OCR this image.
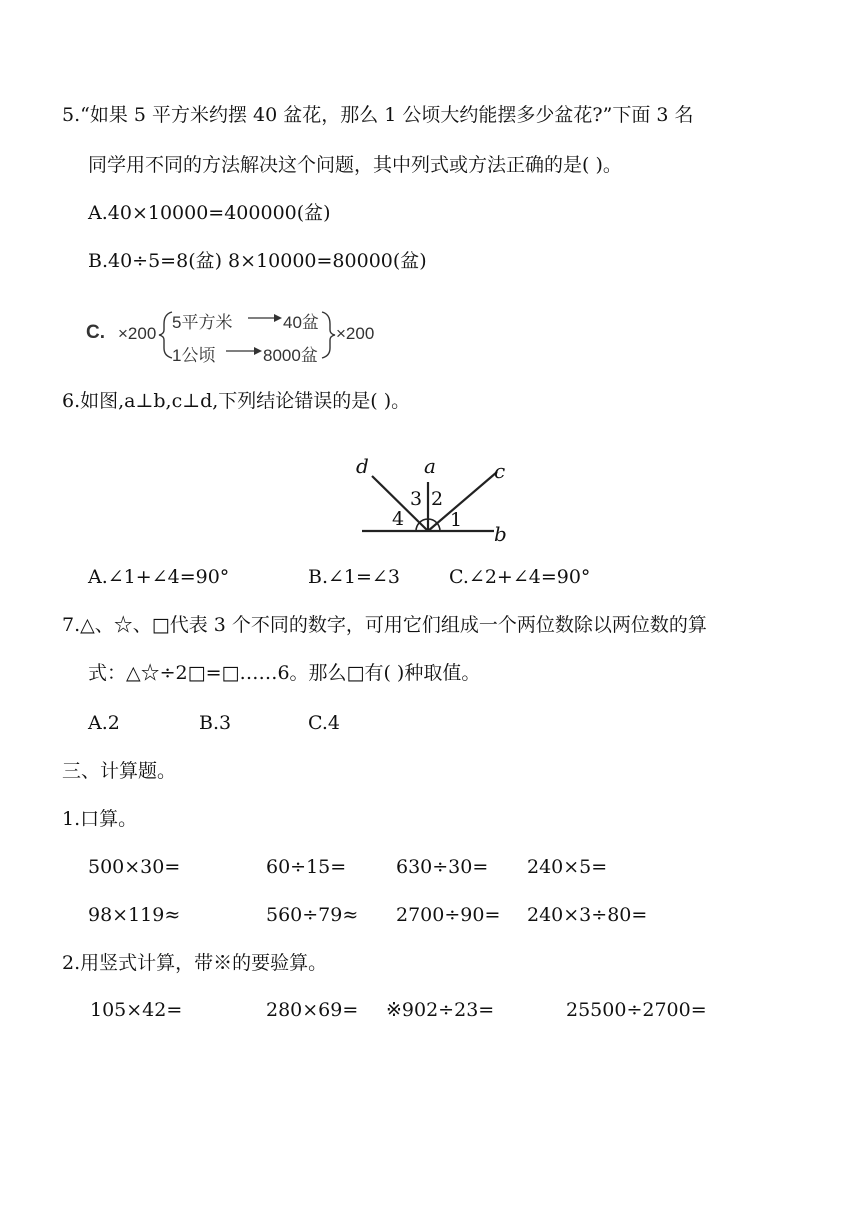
5.“如果 5 平方米约摆 40 盆花，那么 1 公顷大约能摆多少盆花?”下面 3 名
同学用不同的方法解决这个问题，其中列式或方法正确的是( )。
A.40×10000=400000(盆)
B.40÷5=8(盆) 8×10000=80000(盆)
C. ×200
5平方米	40盆
1公顷	8000盆
×200
6.如图,a⊥b,c⊥d,下列结论错误的是( )。
a	c
d
b
3 2
1
4
A.∠1+∠4=90°	B.∠1=∠3	C.∠2+∠4=90°
7.△、☆、□代表 3 个不同的数字，可用它们组成一个两位数除以两位数的算
式：△☆÷2□=□……6。那么□有( )种取值。
A.2	B.3	C.4
三、计算题。
1.口算。
500×30=	60÷15=	630÷30= 240×5=
98×119≈	560÷79≈ 2700÷90= 240×3÷80=
2.用竖式计算，带※的要验算。
105×42=	280×69= ※902÷23=	25500÷2700=
